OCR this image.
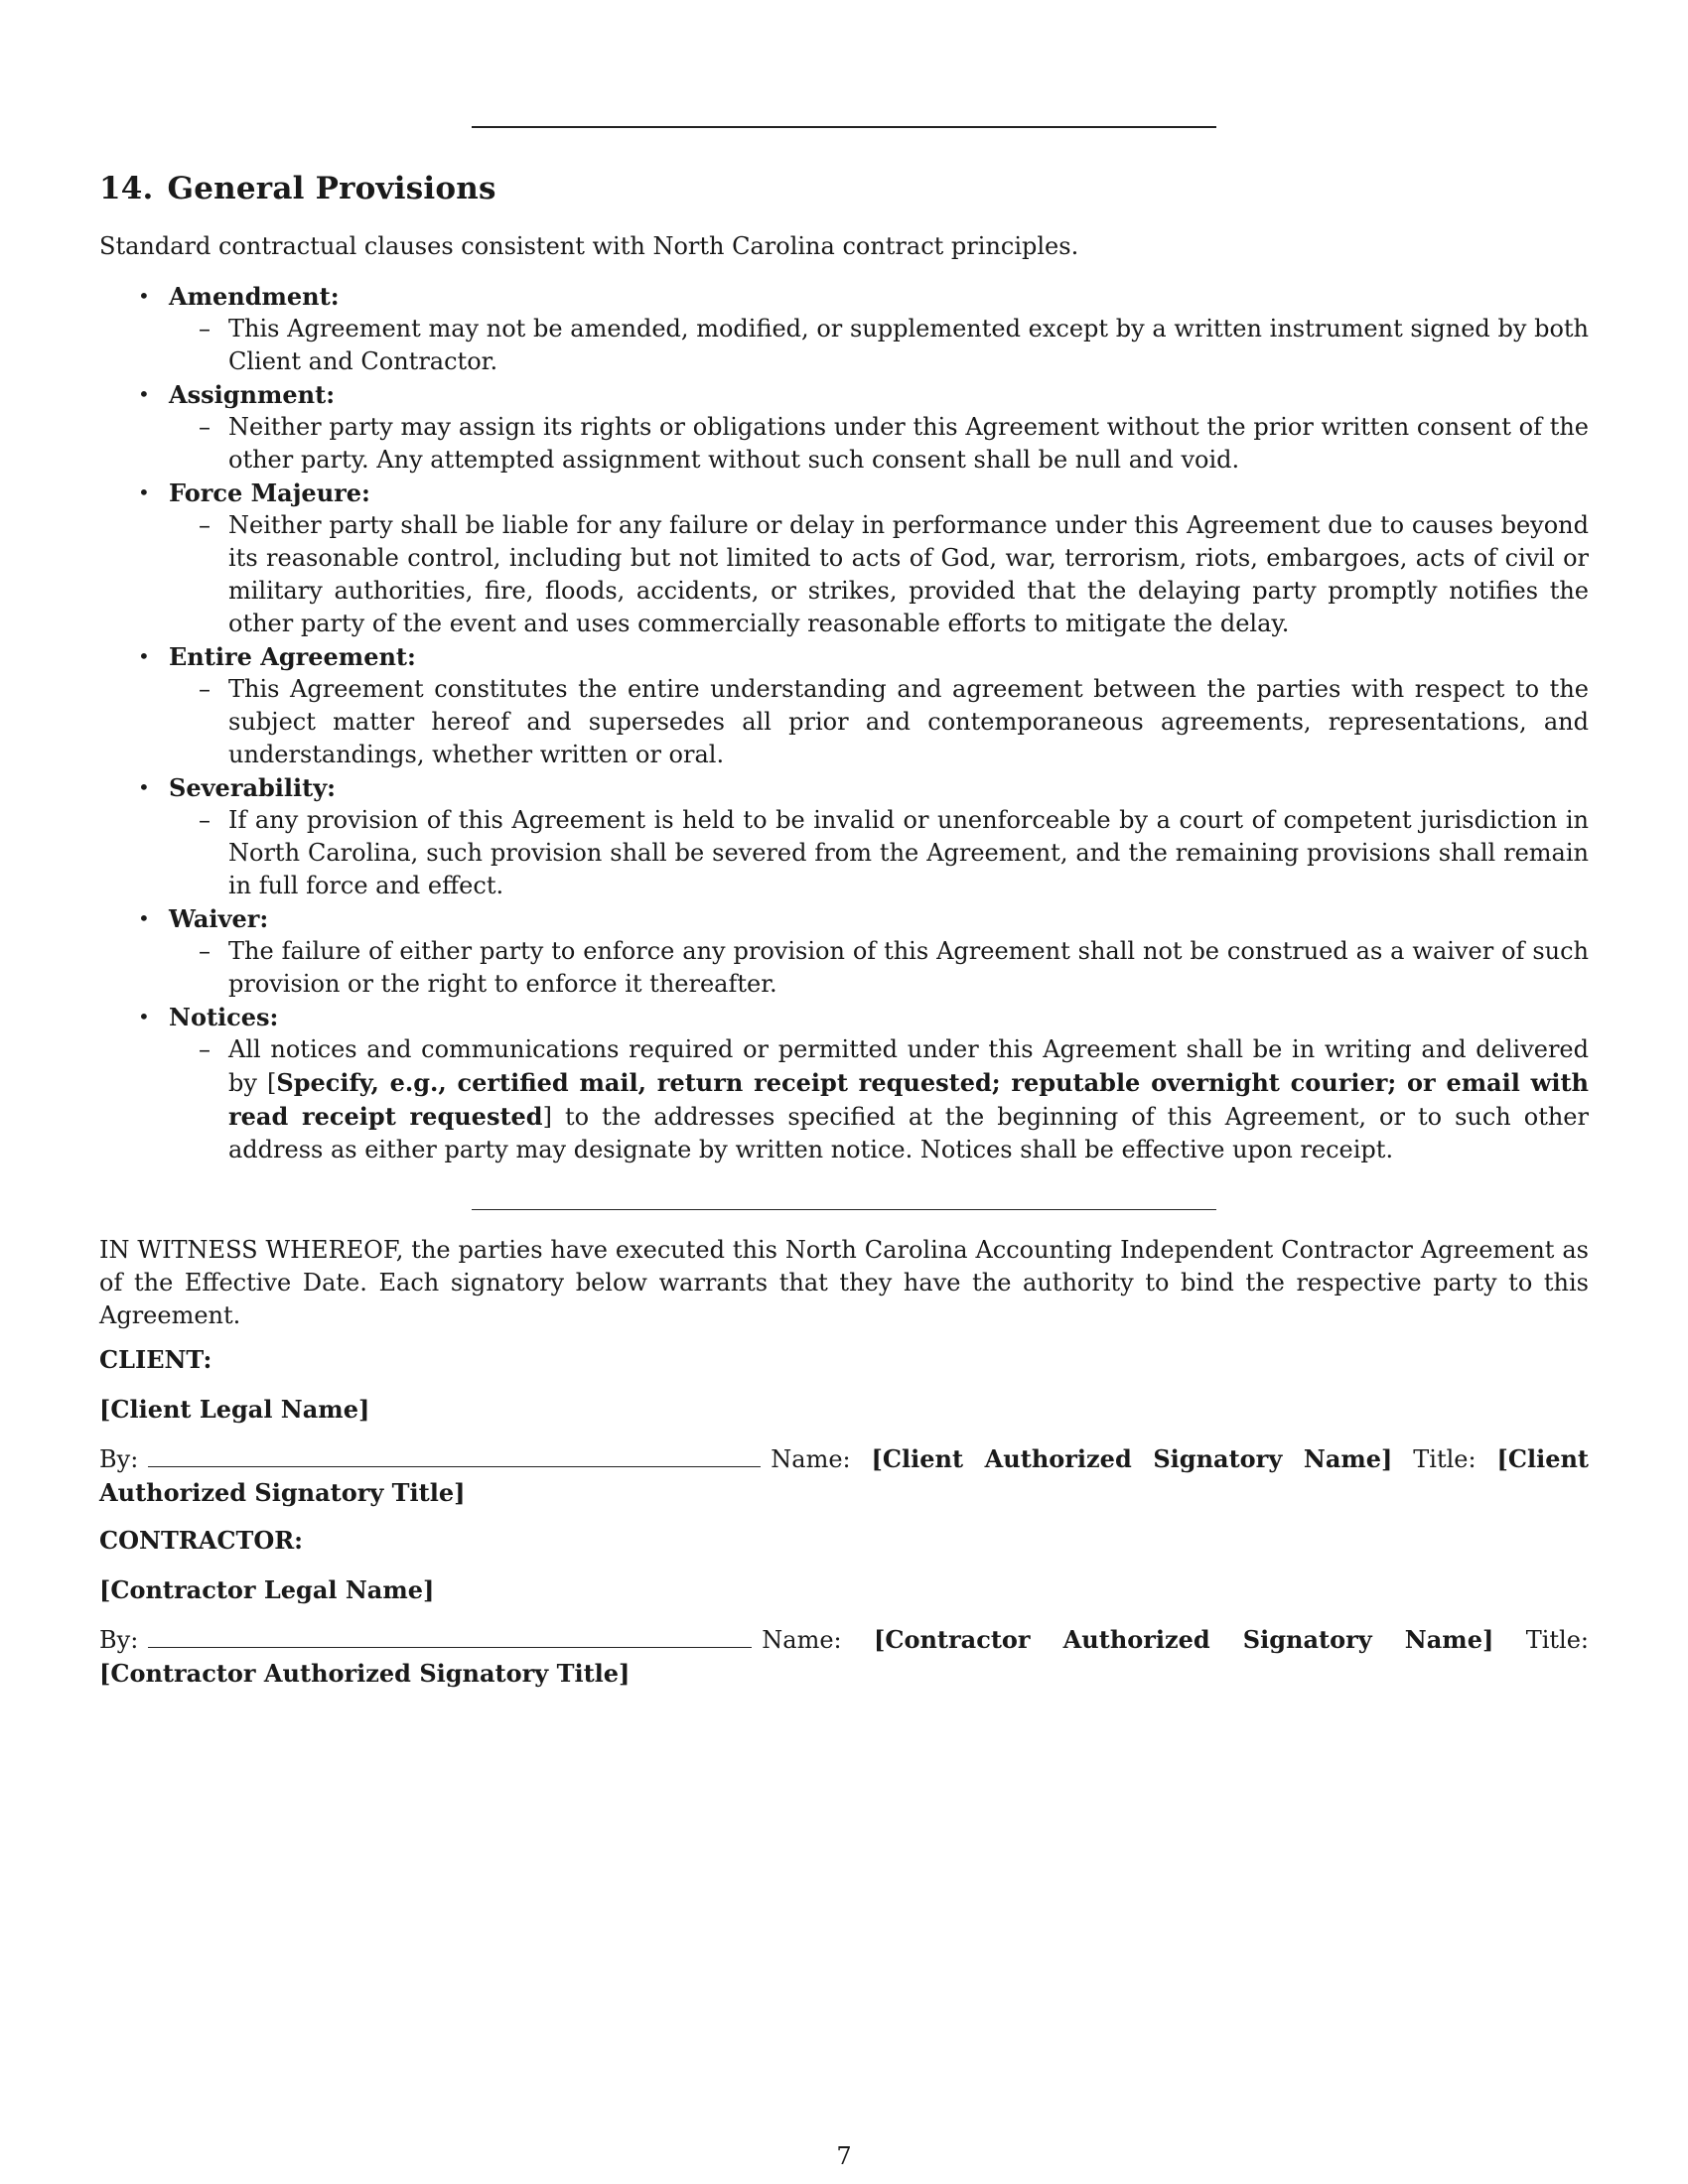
14. General Provisions

Standard contractual clauses consistent with North Carolina contract principles.

• Amendment:
– This Agreement may not be amended, modified, or supplemented except by a written instrument signed by both Client and Contractor.
• Assignment:
– Neither party may assign its rights or obligations under this Agreement without the prior written consent of the other party. Any attempted assignment without such consent shall be null and void.
• Force Majeure:
– Neither party shall be liable for any failure or delay in performance under this Agreement due to causes beyond its reasonable control, including but not limited to acts of God, war, terrorism, riots, embargoes, acts of civil or military authorities, fire, floods, accidents, or strikes, provided that the delaying party promptly notifies the other party of the event and uses commercially reasonable efforts to mitigate the delay.
• Entire Agreement:
– This Agreement constitutes the entire understanding and agreement between the parties with respect to the subject matter hereof and supersedes all prior and contemporaneous agreements, representations, and understandings, whether written or oral.
• Severability:
– If any provision of this Agreement is held to be invalid or unenforceable by a court of competent jurisdiction in North Carolina, such provision shall be severed from the Agreement, and the remaining provisions shall remain in full force and effect.
• Waiver:
– The failure of either party to enforce any provision of this Agreement shall not be construed as a waiver of such provision or the right to enforce it thereafter.
• Notices:
– All notices and communications required or permitted under this Agreement shall be in writing and delivered by [Specify, e.g., certified mail, return receipt requested; reputable overnight courier; or email with read receipt requested] to the addresses specified at the beginning of this Agreement, or to such other address as either party may designate by written notice. Notices shall be effective upon receipt.

IN WITNESS WHEREOF, the parties have executed this North Carolina Accounting Independent Contractor Agreement as of the Effective Date. Each signatory below warrants that they have the authority to bind the respective party to this Agreement.

CLIENT:

[Client Legal Name]

By:	Name: [Client Authorized Signatory Name] Title: [Client Authorized Signatory Title]

CONTRACTOR:

[Contractor Legal Name]

By:	Name: [Contractor Authorized Signatory Name] Title: [Contractor Authorized Signatory Title]

7
